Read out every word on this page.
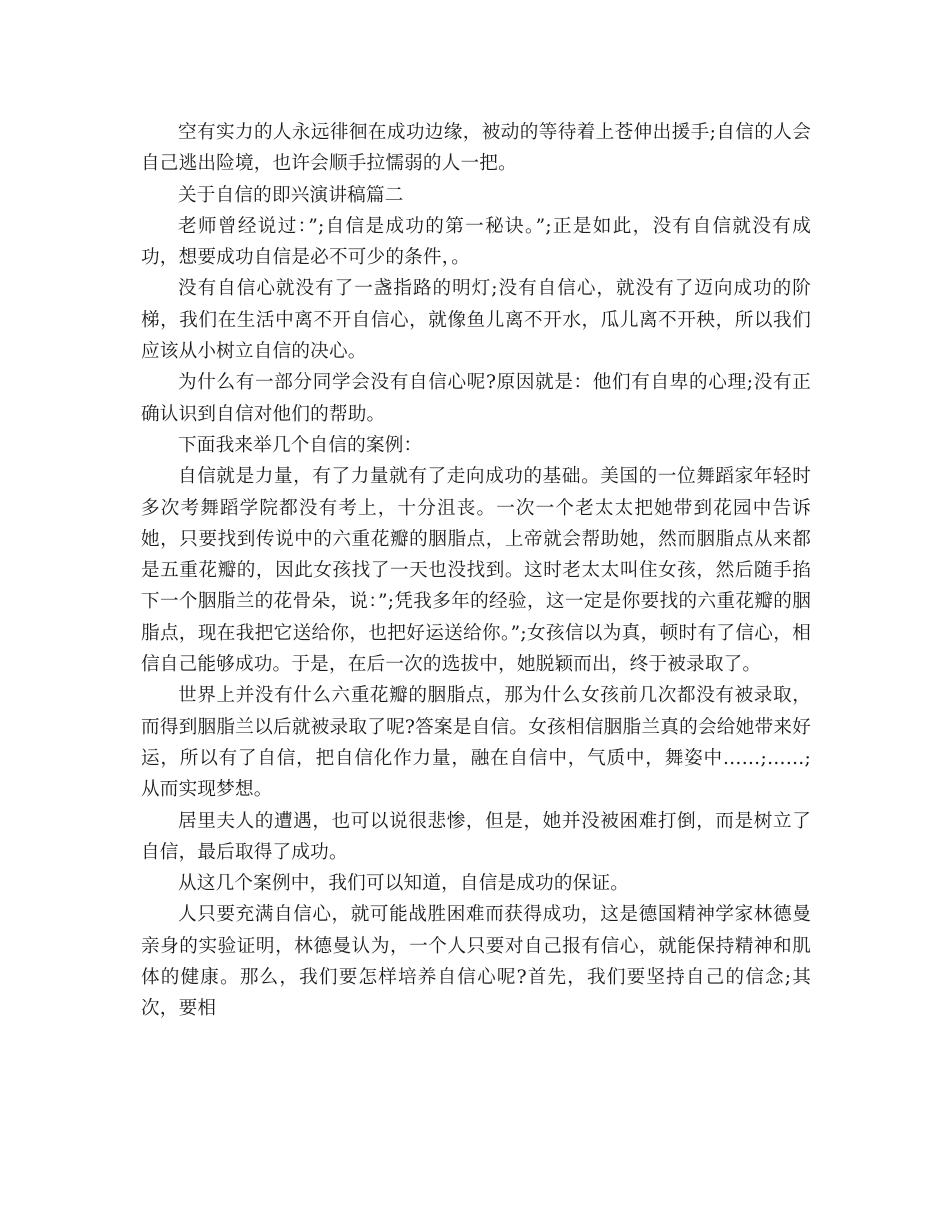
空有实力的人永远徘徊在成功边缘，被动的等待着上苍伸出援手;自信的人会自己逃出险境，也许会顺手拉懦弱的人一把。

关于自信的即兴演讲稿篇二

老师曾经说过：”;自信是成功的第一秘诀。”;正是如此，没有自信就没有成功，想要成功自信是必不可少的条件，。

没有自信心就没有了一盏指路的明灯;没有自信心，就没有了迈向成功的阶梯，我们在生活中离不开自信心，就像鱼儿离不开水，瓜儿离不开秧，所以我们应该从小树立自信的决心。

为什么有一部分同学会没有自信心呢?原因就是：他们有自卑的心理;没有正确认识到自信对他们的帮助。

下面我来举几个自信的案例：

自信就是力量，有了力量就有了走向成功的基础。美国的一位舞蹈家年轻时多次考舞蹈学院都没有考上，十分沮丧。一次一个老太太把她带到花园中告诉她，只要找到传说中的六重花瓣的胭脂点，上帝就会帮助她，然而胭脂点从来都是五重花瓣的，因此女孩找了一天也没找到。这时老太太叫住女孩，然后随手掐下一个胭脂兰的花骨朵，说：”;凭我多年的经验，这一定是你要找的六重花瓣的胭脂点，现在我把它送给你，也把好运送给你。”;女孩信以为真，顿时有了信心，相信自己能够成功。于是，在后一次的选拔中，她脱颖而出，终于被录取了。

世界上并没有什么六重花瓣的胭脂点，那为什么女孩前几次都没有被录取，而得到胭脂兰以后就被录取了呢?答案是自信。女孩相信胭脂兰真的会给她带来好运，所以有了自信，把自信化作力量，融在自信中，气质中，舞姿中……;……;从而实现梦想。

居里夫人的遭遇，也可以说很悲惨，但是，她并没被困难打倒，而是树立了自信，最后取得了成功。

从这几个案例中，我们可以知道，自信是成功的保证。

人只要充满自信心，就可能战胜困难而获得成功，这是德国精神学家林德曼亲身的实验证明，林德曼认为，一个人只要对自己报有信心，就能保持精神和肌体的健康。那么，我们要怎样培养自信心呢?首先，我们要坚持自己的信念;其次，要相
